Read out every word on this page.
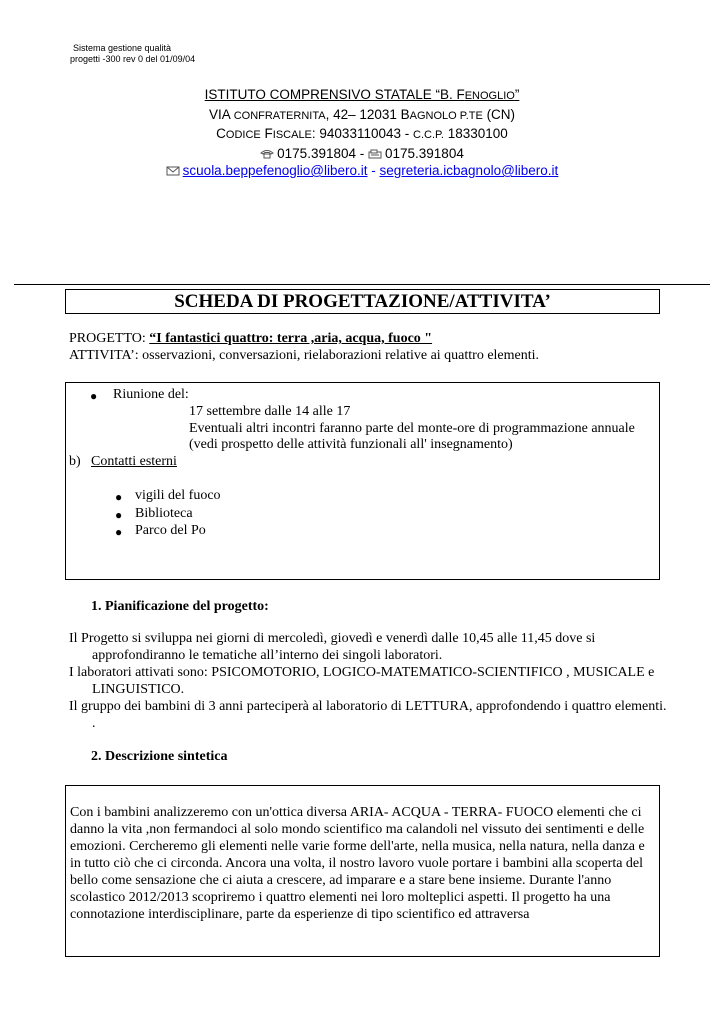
Sistema gestione qualità
progetti -300 rev 0 del 01/09/04
ISTITUTO COMPRENSIVO STATALE “B. FENOGLIO”
VIA CONFRATERNITA, 42– 12031 BAGNOLO P.TE (CN)
CODICE FISCALE: 94033110043 - C.C.P. 18330100
0175.391804 - 0175.391804
scuola.beppefenoglio@libero.it - segreteria.icbagnolo@libero.it
SCHEDA DI PROGETTAZIONE/ATTIVITA’
PROGETTO: “I fantastici quattro: terra ,aria, acqua, fuoco "
ATTIVITA’: osservazioni, conversazioni, rielaborazioni relative ai quattro elementi.
● Riunione del:
17 settembre dalle 14 alle 17
Eventuali altri incontri faranno parte del monte-ore di programmazione annuale
(vedi prospetto delle attività funzionali all' insegnamento)
b) Contatti esterni
● vigili del fuoco
● Biblioteca
● Parco del Po
1. Pianificazione del progetto:

Il Progetto si sviluppa nei giorni di mercoledì, giovedì e venerdì dalle 10,45 alle 11,45 dove si approfondiranno le tematiche all’interno dei singoli laboratori.

I laboratori attivati sono: PSICOMOTORIO, LOGICO-MATEMATICO-SCIENTIFICO , MUSICALE e LINGUISTICO.

Il gruppo dei bambini di 3 anni parteciperà al laboratorio di LETTURA, approfondendo i quattro elementi. .

2. Descrizione sintetica

Con i bambini analizzeremo con un'ottica diversa ARIA- ACQUA - TERRA- FUOCO elementi che ci danno la vita ,non fermandoci al solo mondo scientifico ma calandoli nel vissuto dei sentimenti e delle emozioni. Cercheremo gli elementi nelle varie forme dell'arte, nella musica, nella natura, nella danza e in tutto ciò che ci circonda. Ancora una volta, il nostro lavoro vuole portare i bambini alla scoperta del bello come sensazione che ci aiuta a crescere, ad imparare e a stare bene insieme. Durante l'anno scolastico 2012/2013 scopriremo i quattro elementi nei loro molteplici aspetti. Il progetto ha una connotazione interdisciplinare, parte da esperienze di tipo scientifico ed attraversa
